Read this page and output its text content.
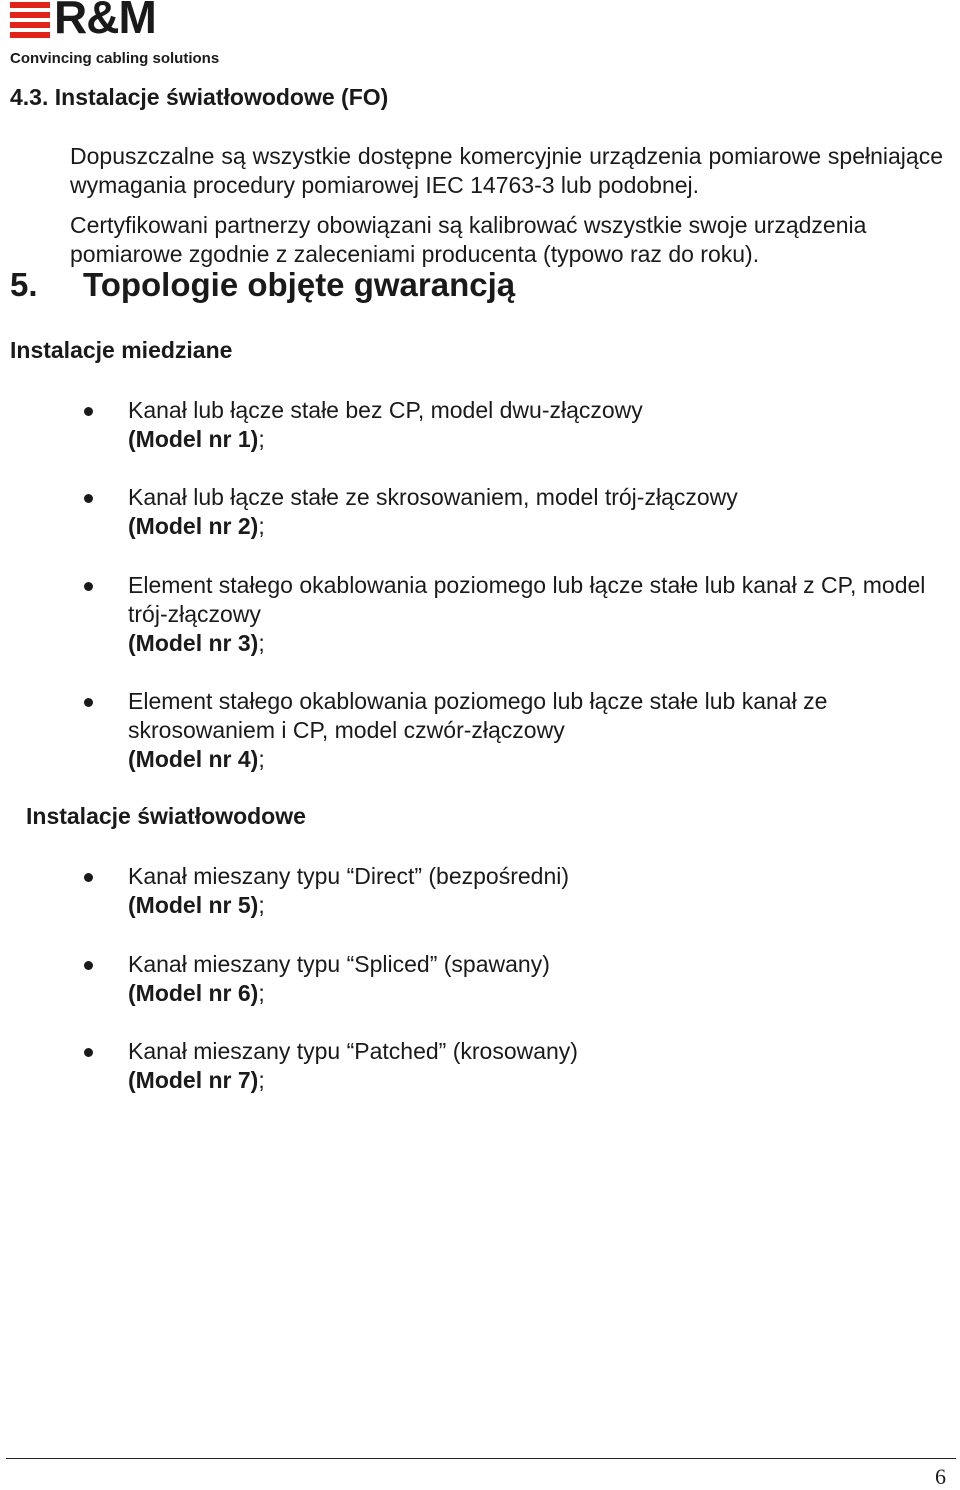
R&M
Convincing cabling solutions
4.3. Instalacje światłowodowe (FO)
Dopuszczalne są wszystkie dostępne komercyjnie urządzenia pomiarowe spełniające wymagania procedury pomiarowej IEC 14763-3 lub podobnej.
Certyfikowani partnerzy obowiązani są kalibrować wszystkie swoje urządzenia pomiarowe zgodnie z zaleceniami producenta (typowo raz do roku).
5. Topologie objęte gwarancją
Instalacje miedziane
Kanał lub łącze stałe bez CP, model dwu-złączowy
(Model nr 1);
Kanał lub łącze stałe ze skrosowaniem, model trój-złączowy
(Model nr 2);
Element stałego okablowania poziomego lub łącze stałe lub kanał z CP, model trój-złączowy
(Model nr 3);
Element stałego okablowania poziomego lub łącze stałe lub kanał ze skrosowaniem i CP, model czwór-złączowy
(Model nr 4);
Instalacje światłowodowe
Kanał mieszany typu “Direct” (bezpośredni)
(Model nr 5);
Kanał mieszany typu “Spliced” (spawany)
(Model nr 6);
Kanał mieszany typu “Patched” (krosowany)
(Model nr 7);
6
